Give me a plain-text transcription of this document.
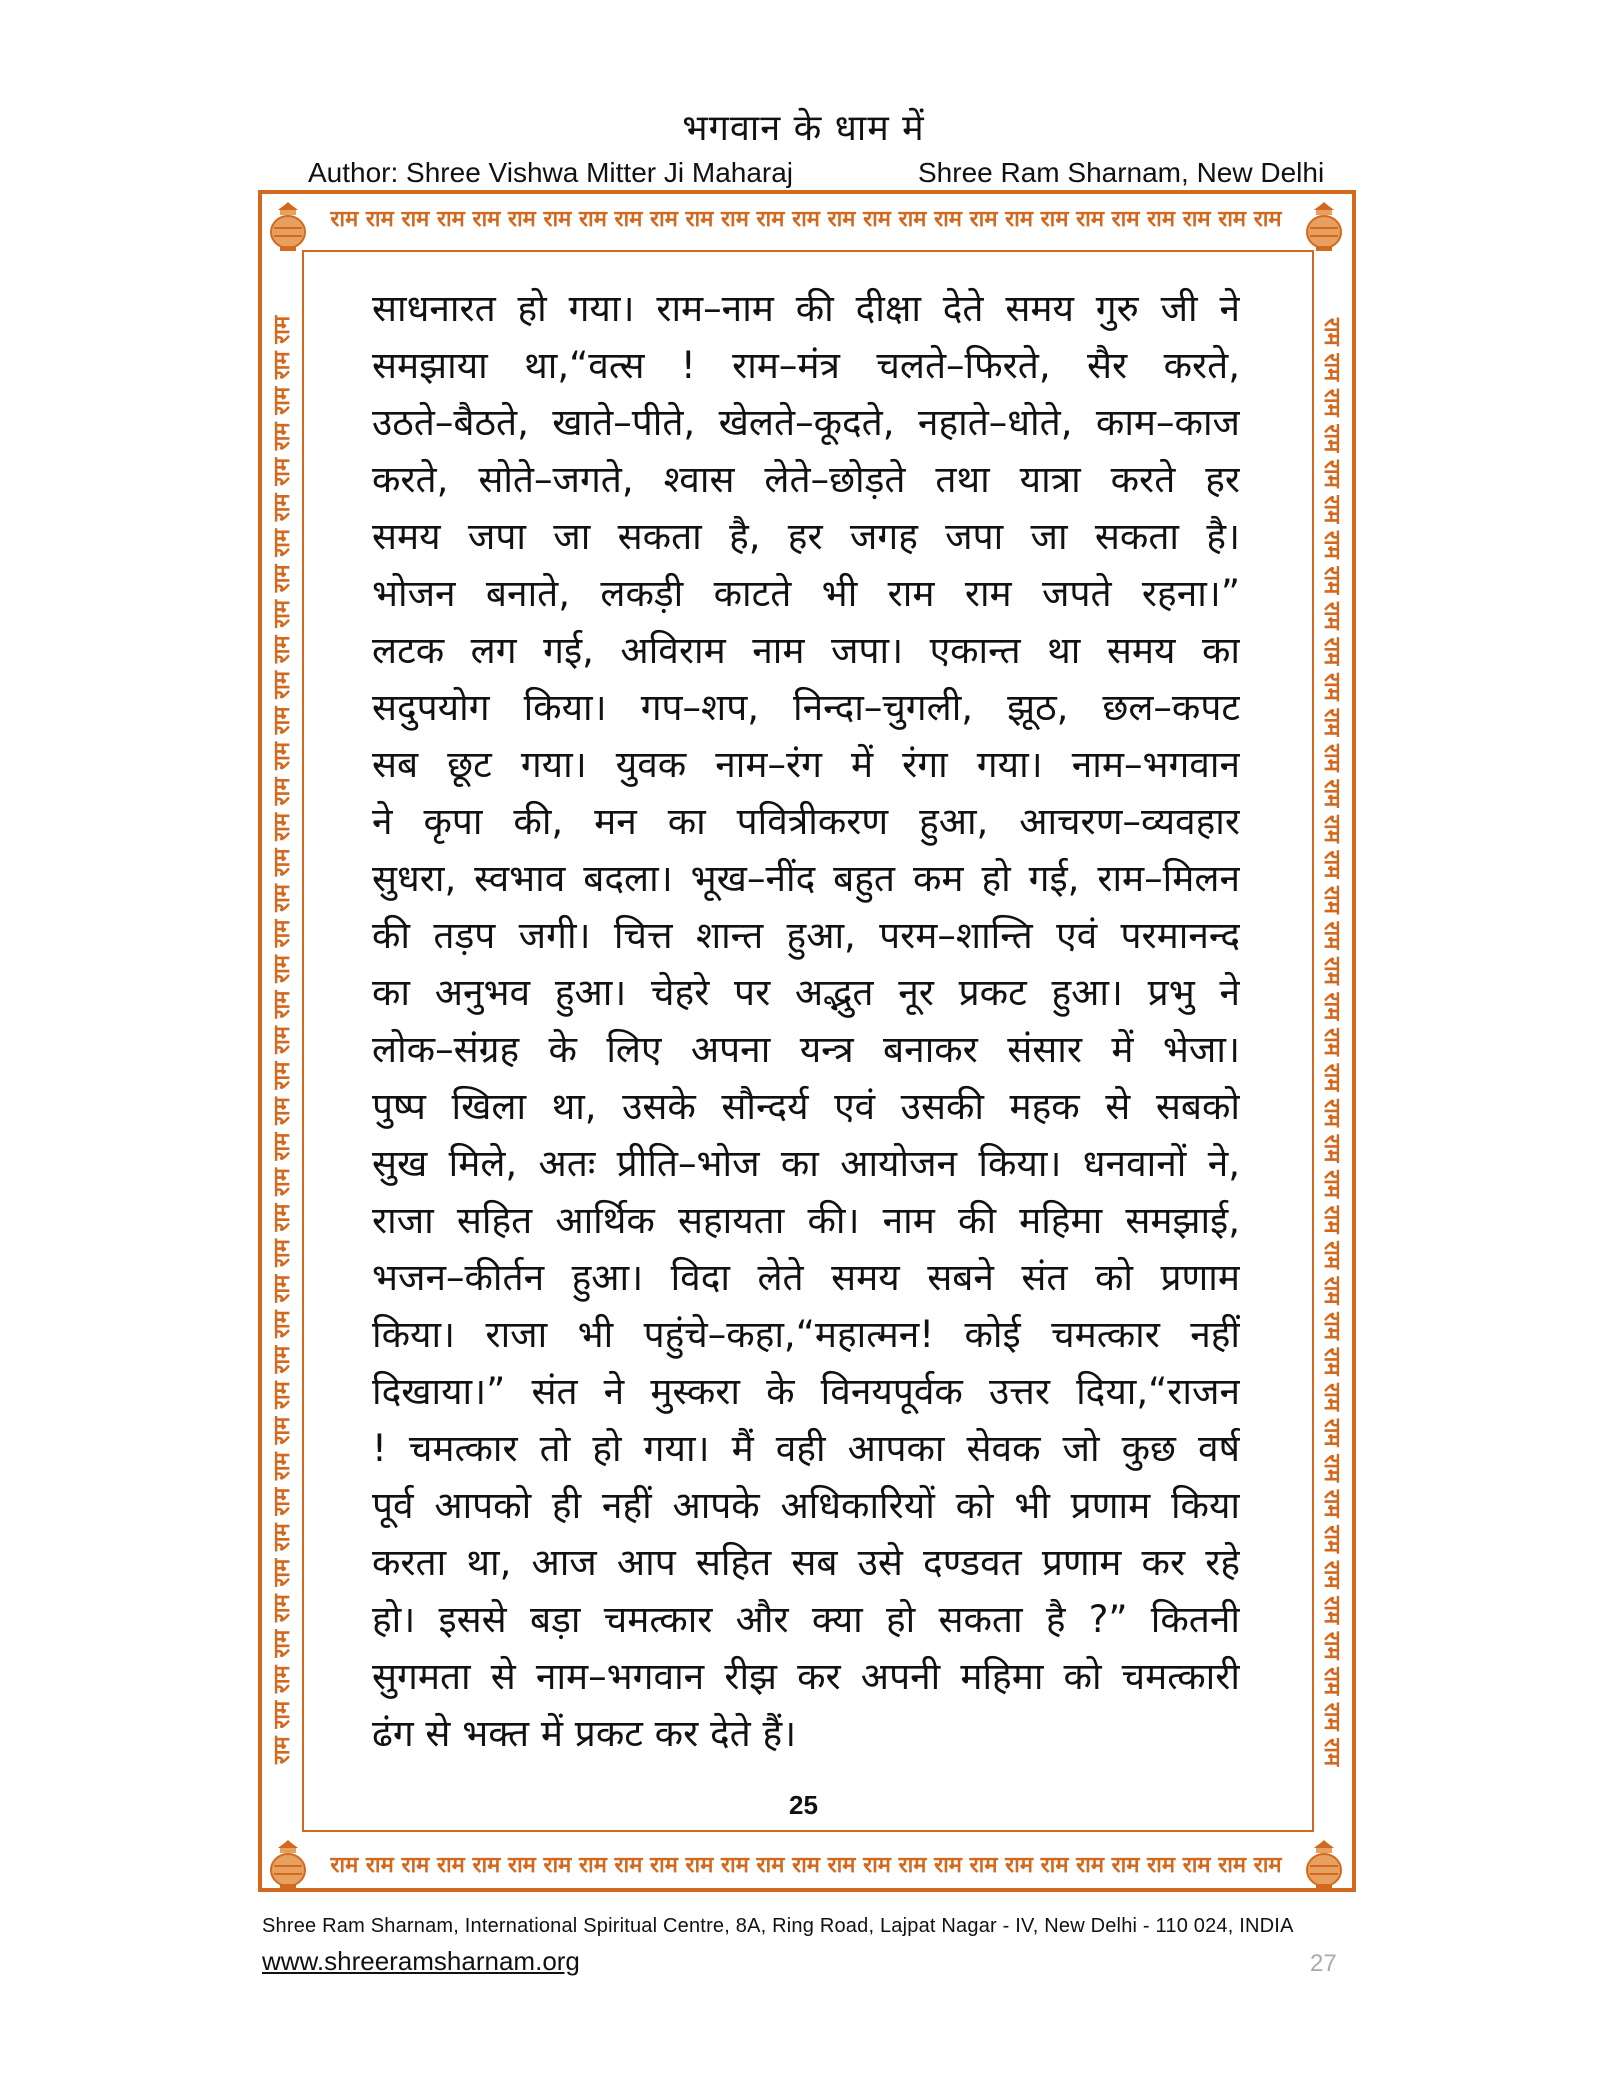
भगवान के धाम में
Author: Shree Vishwa Mitter Ji Maharaj	Shree Ram Sharnam, New Delhi
राम राम राम राम राम राम राम राम राम राम राम राम राम राम राम राम राम राम राम राम राम राम राम राम राम राम राम
राम राम राम राम राम राम राम राम राम राम राम राम राम राम राम राम राम राम राम राम राम राम राम राम राम राम राम
राम राम राम राम राम राम राम राम राम राम राम राम राम राम राम राम राम राम राम राम राम राम राम राम राम राम राम राम राम राम राम राम राम राम राम राम राम राम राम राम राम	राम राम राम राम राम राम राम राम राम राम राम राम राम राम राम राम राम राम राम राम राम राम राम राम राम राम राम राम राम राम राम राम राम राम राम राम राम राम राम राम राम
साधनारत हो गया। राम–नाम की दीक्षा देते समय गुरु जी ने
समझाया था,“वत्स ! राम–मंत्र चलते–फिरते, सैर करते,
उठते–बैठते, खाते–पीते, खेलते–कूदते, नहाते–धोते, काम–काज
करते, सोते–जगते, श्वास लेते–छोड़ते तथा यात्रा करते हर
समय जपा जा सकता है, हर जगह जपा जा सकता है।
भोजन बनाते, लकड़ी काटते भी राम राम जपते रहना।”
लटक लग गई, अविराम नाम जपा। एकान्त था समय का
सदुपयोग किया। गप–शप, निन्दा–चुगली, झूठ, छल–कपट
सब छूट गया। युवक नाम–रंग में रंगा गया। नाम–भगवान
ने कृपा की, मन का पवित्रीकरण हुआ, आचरण–व्यवहार
सुधरा, स्वभाव बदला। भूख–नींद बहुत कम हो गई, राम–मिलन
की तड़प जगी। चित्त शान्त हुआ, परम–शान्ति एवं परमानन्द
का अनुभव हुआ। चेहरे पर अद्भुत नूर प्रकट हुआ। प्रभु ने
लोक–संग्रह के लिए अपना यन्त्र बनाकर संसार में भेजा।
पुष्प खिला था, उसके सौन्दर्य एवं उसकी महक से सबको
सुख मिले, अतः प्रीति–भोज का आयोजन किया। धनवानों ने,
राजा सहित आर्थिक सहायता की। नाम की महिमा समझाई,
भजन–कीर्तन हुआ। विदा लेते समय सबने संत को प्रणाम
किया। राजा भी पहुंचे–कहा,“महात्मन! कोई चमत्कार नहीं
दिखाया।” संत ने मुस्करा के विनयपूर्वक उत्तर दिया,“राजन
! चमत्कार तो हो गया। मैं वही आपका सेवक जो कुछ वर्ष
पूर्व आपको ही नहीं आपके अधिकारियों को भी प्रणाम किया
करता था, आज आप सहित सब उसे दण्डवत प्रणाम कर रहे
हो। इससे बड़ा चमत्कार और क्या हो सकता है ?” कितनी
सुगमता से नाम–भगवान रीझ कर अपनी महिमा को चमत्कारी
ढंग से भक्त में प्रकट कर देते हैं।
25
Shree Ram Sharnam, International Spiritual Centre, 8A, Ring Road, Lajpat Nagar - IV, New Delhi - 110 024, INDIA
www.shreeramsharnam.org	27
